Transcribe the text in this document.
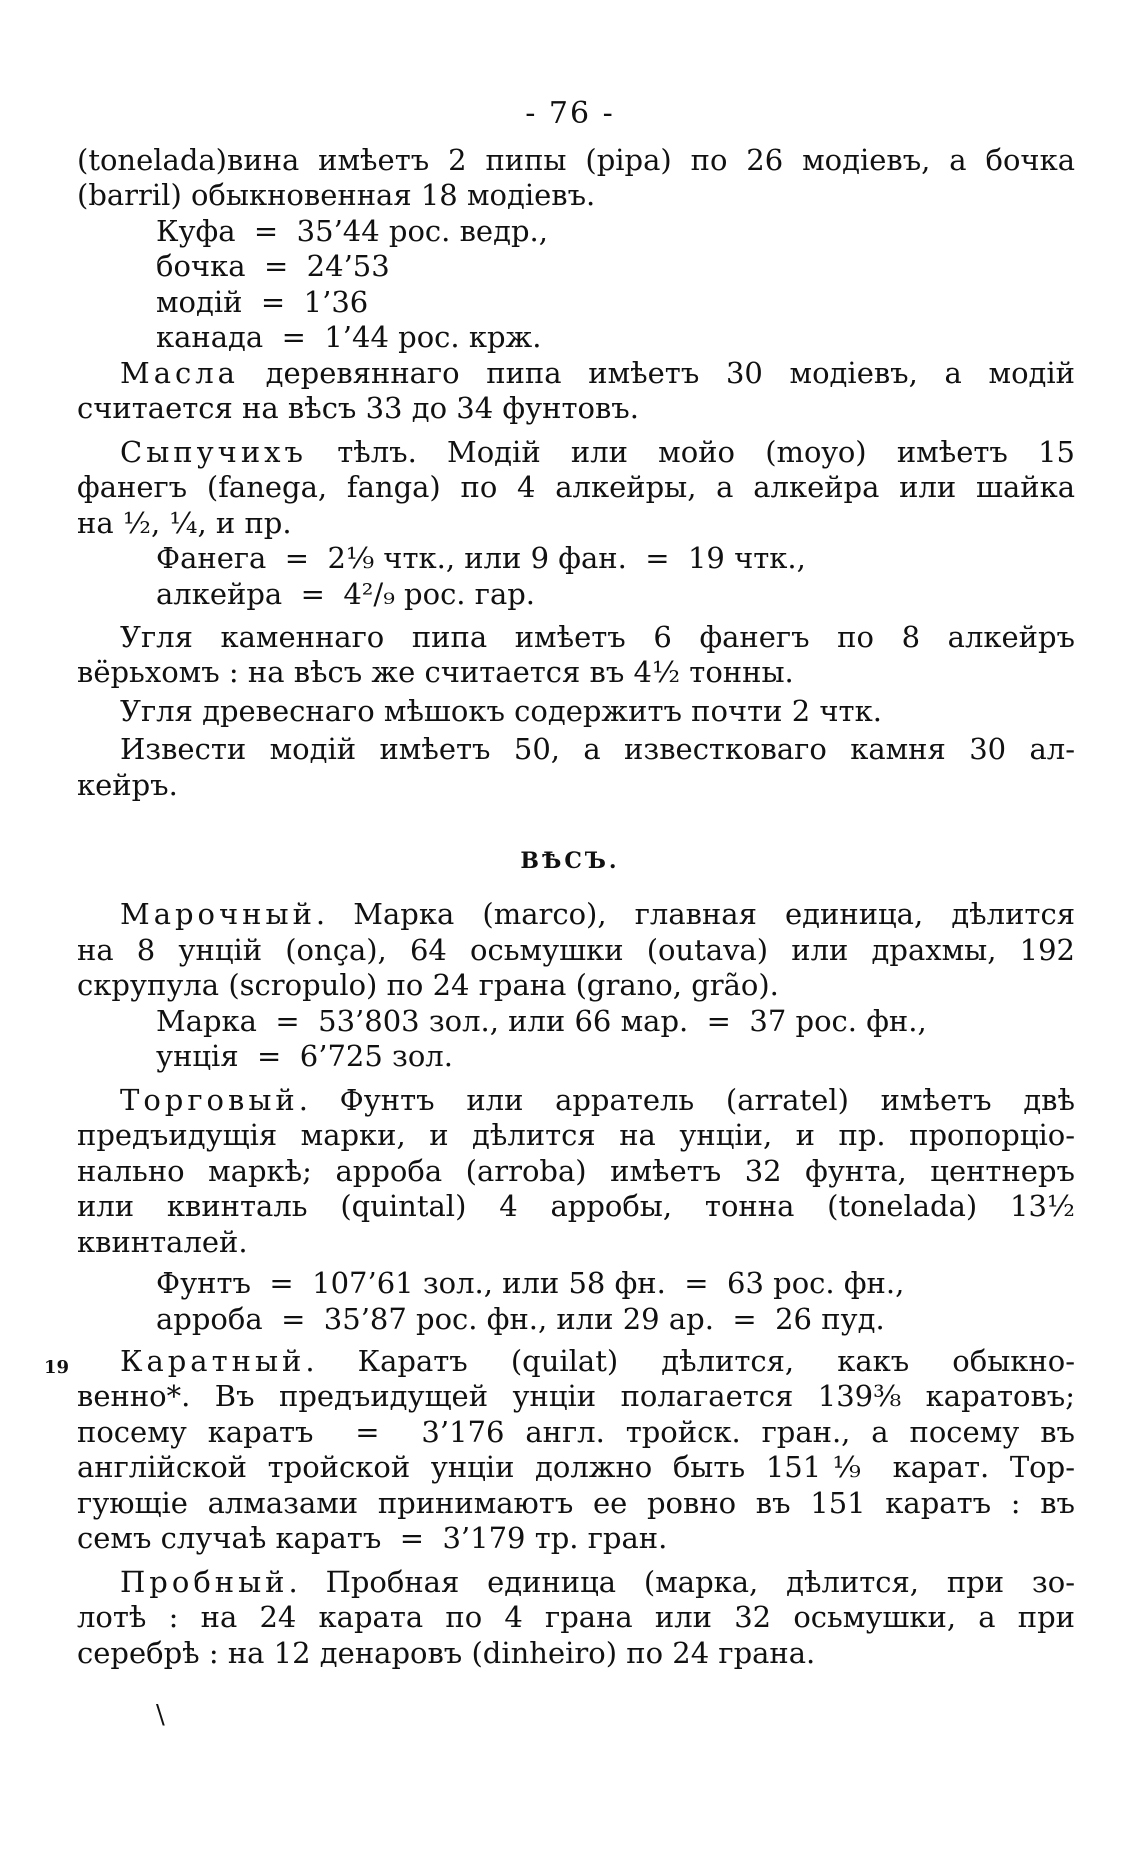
- 76 -

(tonelada)вина имѣетъ 2 пипы (pipa) по 26 модіевъ, а бочка

(barril) обыкновенная 18 модіевъ.

Куфа  =  35’44 рос. ведр.,

бочка  =  24’53

модій  =  1’36

канада  =  1’44 рос. крж.

Масла деревяннаго пипа имѣетъ 30 модіевъ, а модій

считается на вѣсъ 33 до 34 фунтовъ.

Сыпучихъ тѣлъ. Модій или мойо (moyo) имѣетъ 15

фанегъ (fanega, fanga) по 4 алкейры, а алкейра или шайка

на ½, ¼, и пр.

Фанега  =  2⅑ чтк., или 9 фан.  =  19 чтк.,

алкейра  =  4²/₉ рос. гар.

Угля каменнаго пипа имѣетъ 6 фанегъ по 8 алкейръ

вёрьхомъ : на вѣсъ же считается въ 4½ тонны.

Угля древеснаго мѣшокъ содержитъ почти 2 чтк.

Извести модій имѣетъ 50, а известковаго камня 30 ал-

кейръ.

ВѢСЪ.

Марочный. Марка (marco), главная единица, дѣлится

на 8 унцій (onça), 64 осьмушки (outava) или драхмы, 192

скрупула (scropulo) по 24 грана (grano, grão).

Марка  =  53’803 зол., или 66 мар.  =  37 рос. фн.,

унція  =  6’725 зол.

Торговый. Фунтъ или арратель (arratel) имѣетъ двѣ

предъидущія марки, и дѣлится на унціи, и пр. пропорціо-

нально маркѣ; арроба (arroba) имѣетъ 32 фунта, центнеръ

или квинталь (quintal) 4 арробы, тонна (tonelada) 13½

квинталей.

Фунтъ  =  107’61 зол., или 58 фн.  =  63 рос. фн.,

арроба  =  35’87 рос. фн., или 29 ар.  =  26 пуд.

Каратный. Каратъ (quilat) дѣлится, какъ обыкно-

19

венно*. Въ предъидущей унціи полагается 139⅜ каратовъ;

посему каратъ  =  3’176 англ. тройск. гран., а посему въ

англійской тройской унціи должно быть 151⅑ карат. Тор-

гующіе алмазами принимаютъ ее ровно въ 151 каратъ : въ

семъ случаѣ каратъ  =  3’179 тр. гран.

Пробный. Пробная единица (марка, дѣлится, при зо-

лотѣ : на 24 карата по 4 грана или 32 осьмушки, а при

серебрѣ : на 12 денаровъ (dinheiro) по 24 грана.

\
